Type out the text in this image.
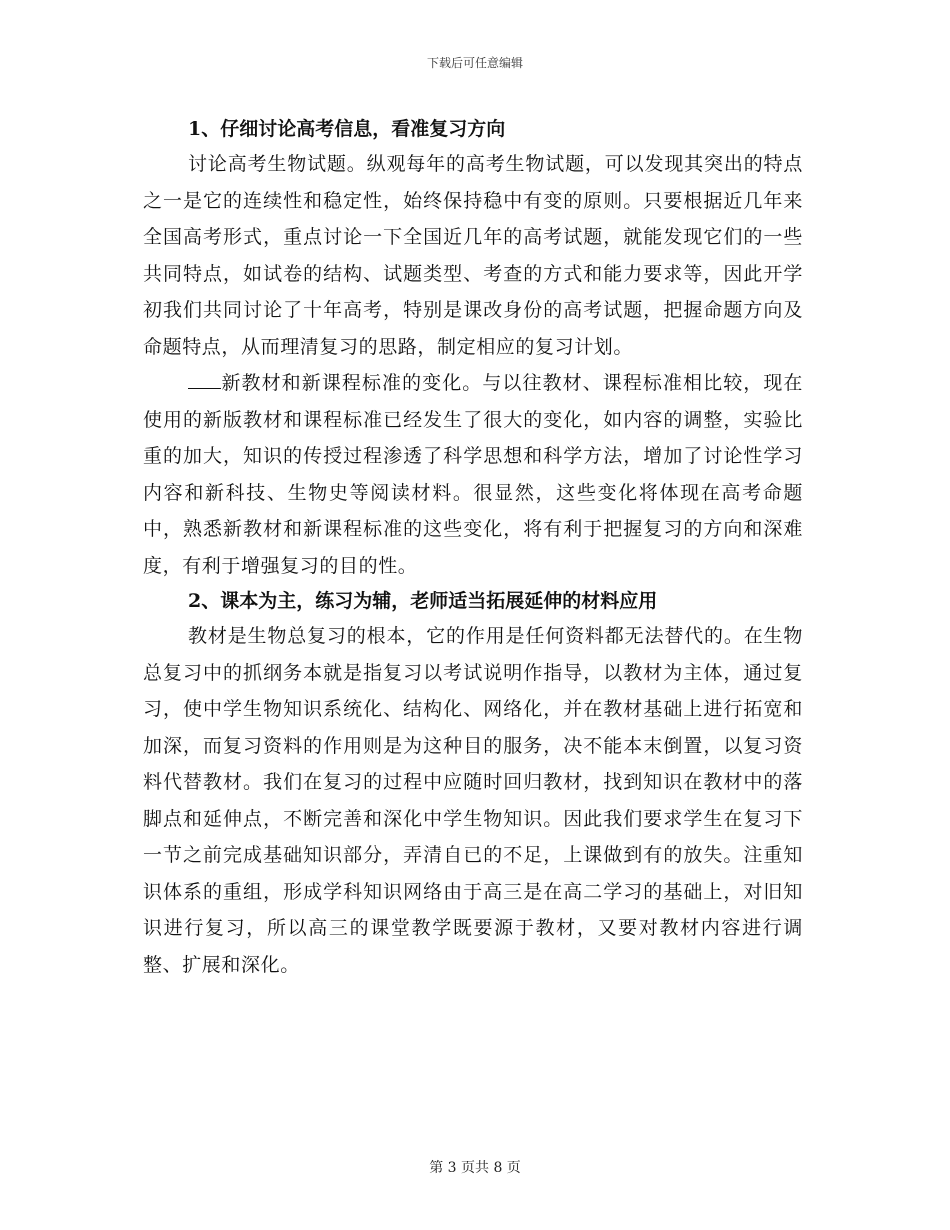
下载后可任意编辑
1、仔细讨论高考信息，看准复习方向

讨论高考生物试题。纵观每年的高考生物试题，可以发现其突出的特点之一是它的连续性和稳定性，始终保持稳中有变的原则。只要根据近几年来全国高考形式，重点讨论一下全国近几年的高考试题，就能发现它们的一些共同特点，如试卷的结构、试题类型、考查的方式和能力要求等，因此开学初我们共同讨论了十年高考，特别是课改身份的高考试题，把握命题方向及命题特点，从而理清复习的思路，制定相应的复习计划。

新教材和新课程标准的变化。与以往教材、课程标准相比较，现在使用的新版教材和课程标准已经发生了很大的变化，如内容的调整，实验比重的加大，知识的传授过程渗透了科学思想和科学方法，增加了讨论性学习内容和新科技、生物史等阅读材料。很显然，这些变化将体现在高考命题中，熟悉新教材和新课程标准的这些变化，将有利于把握复习的方向和深难度，有利于增强复习的目的性。

2、课本为主，练习为辅，老师适当拓展延伸的材料应用

教材是生物总复习的根本，它的作用是任何资料都无法替代的。在生物总复习中的抓纲务本就是指复习以考试说明作指导，以教材为主体，通过复习，使中学生物知识系统化、结构化、网络化，并在教材基础上进行拓宽和加深，而复习资料的作用则是为这种目的服务，决不能本末倒置，以复习资料代替教材。我们在复习的过程中应随时回归教材，找到知识在教材中的落脚点和延伸点，不断完善和深化中学生物知识。因此我们要求学生在复习下一节之前完成基础知识部分，弄清自已的不足，上课做到有的放失。注重知识体系的重组，形成学科知识网络由于高三是在高二学习的基础上，对旧知识进行复习，所以高三的课堂教学既要源于教材，又要对教材内容进行调整、扩展和深化。

第 3 页共 8 页
